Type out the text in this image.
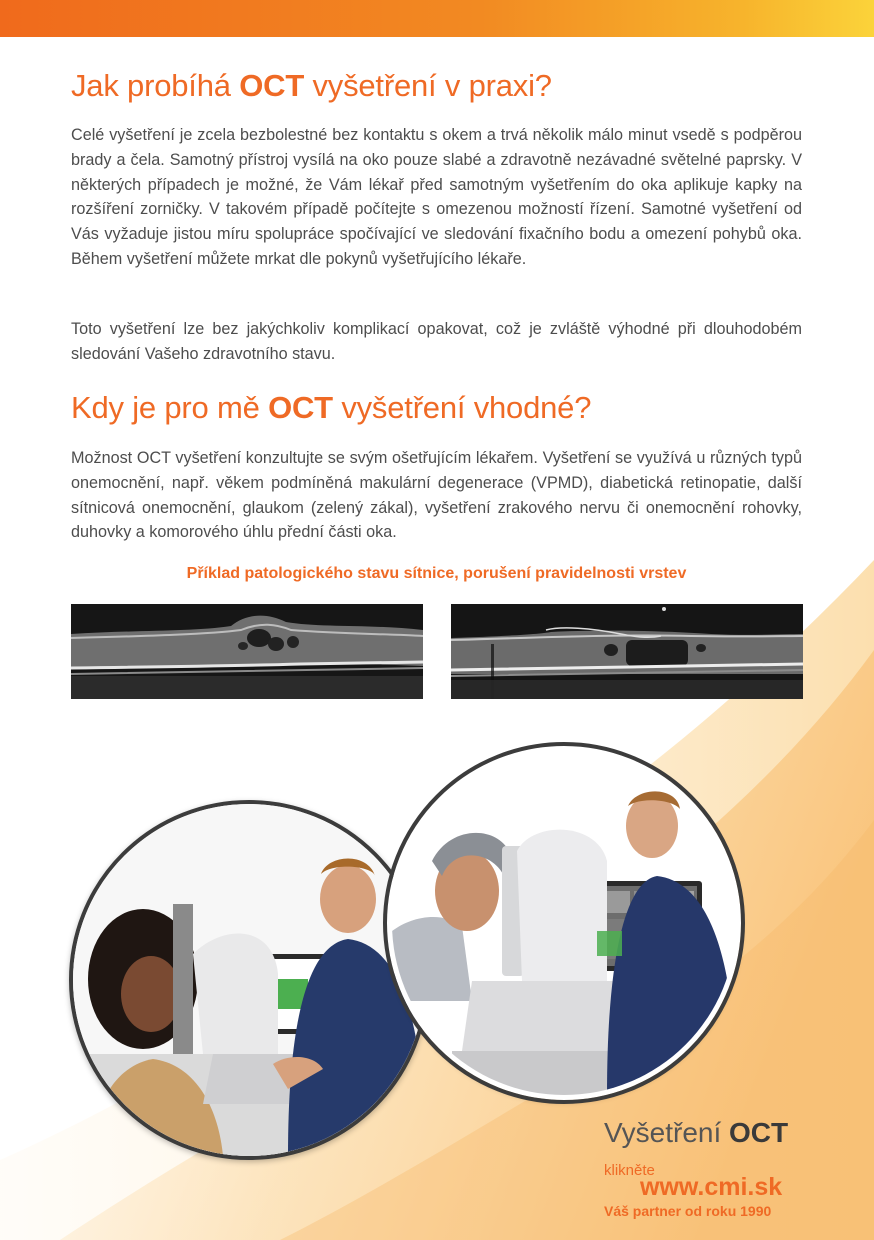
Jak probíhá OCT vyšetření v praxi?

Celé vyšetření je zcela bezbolestné bez kontaktu s okem a trvá několik málo minut vsedě s podpěrou brady a čela. Samotný přístroj vysílá na oko pouze slabé a zdravotně nezávadné světelné paprsky. V některých případech je možné, že Vám lékař před samotným vyšetřením do oka aplikuje kapky na rozšíření zorničky. V takovém případě počítejte s omezenou možností řízení. Samotné vyšetření od Vás vyžaduje jistou míru spolupráce spočívající ve sledování fixačního bodu a omezení pohybů oka. Během vyšetření můžete mrkat dle pokynů vyšetřujícího lékaře.

Toto vyšetření lze bez jakýchkoliv komplikací opakovat, což je zvláště výhodné při dlouhodobém sledování Vašeho zdravotního stavu.

Kdy je pro mě OCT vyšetření vhodné?

Možnost OCT vyšetření konzultujte se svým ošetřujícím lékařem. Vyšetření se využívá u různých typů onemocnění, např. věkem podmíněná makulární degenerace (VPMD), diabetická retinopatie, další sítnicová onemocnění, glaukom (zelený zákal), vyšetření zrakového nervu či onemocnění rohovky, duhovky a komorového úhlu přední části oka.

Příklad patologického stavu sítnice, porušení pravidelnosti vrstev

Vyšetření OCT

klikněte
www.cmi.sk
Váš partner od roku 1990
